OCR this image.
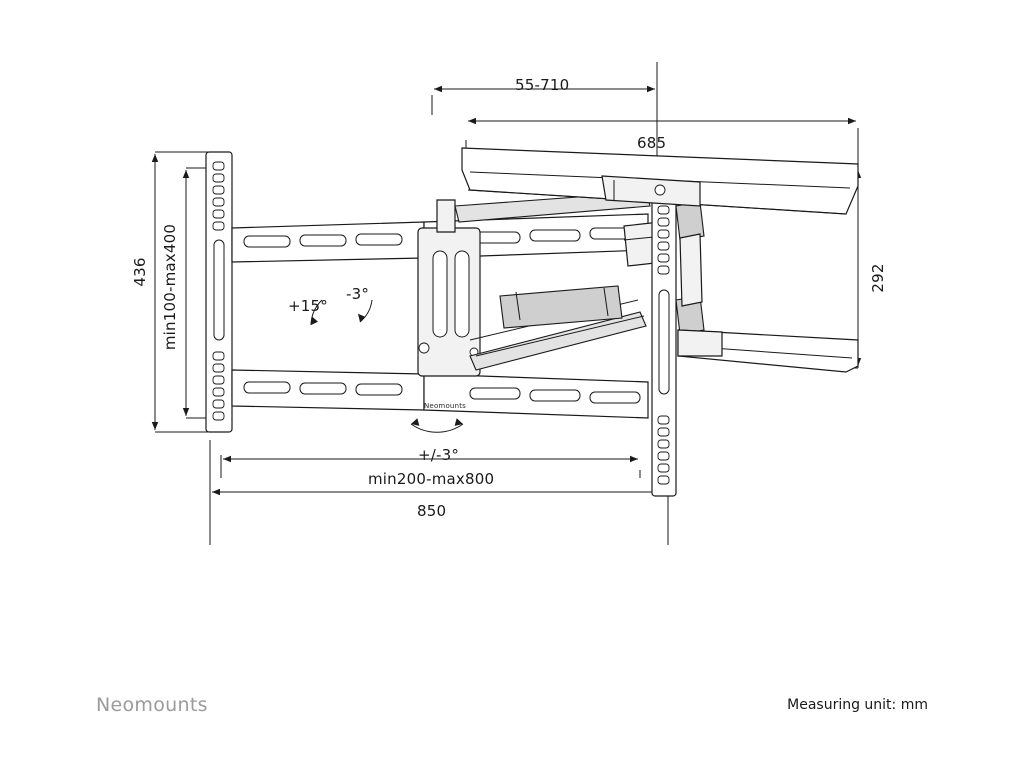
55-710
685
436 min100-max400	292
+15°
-3°
+/-3°
min200-max800
850
Neomounts
Neomounts	Measuring unit: mm
